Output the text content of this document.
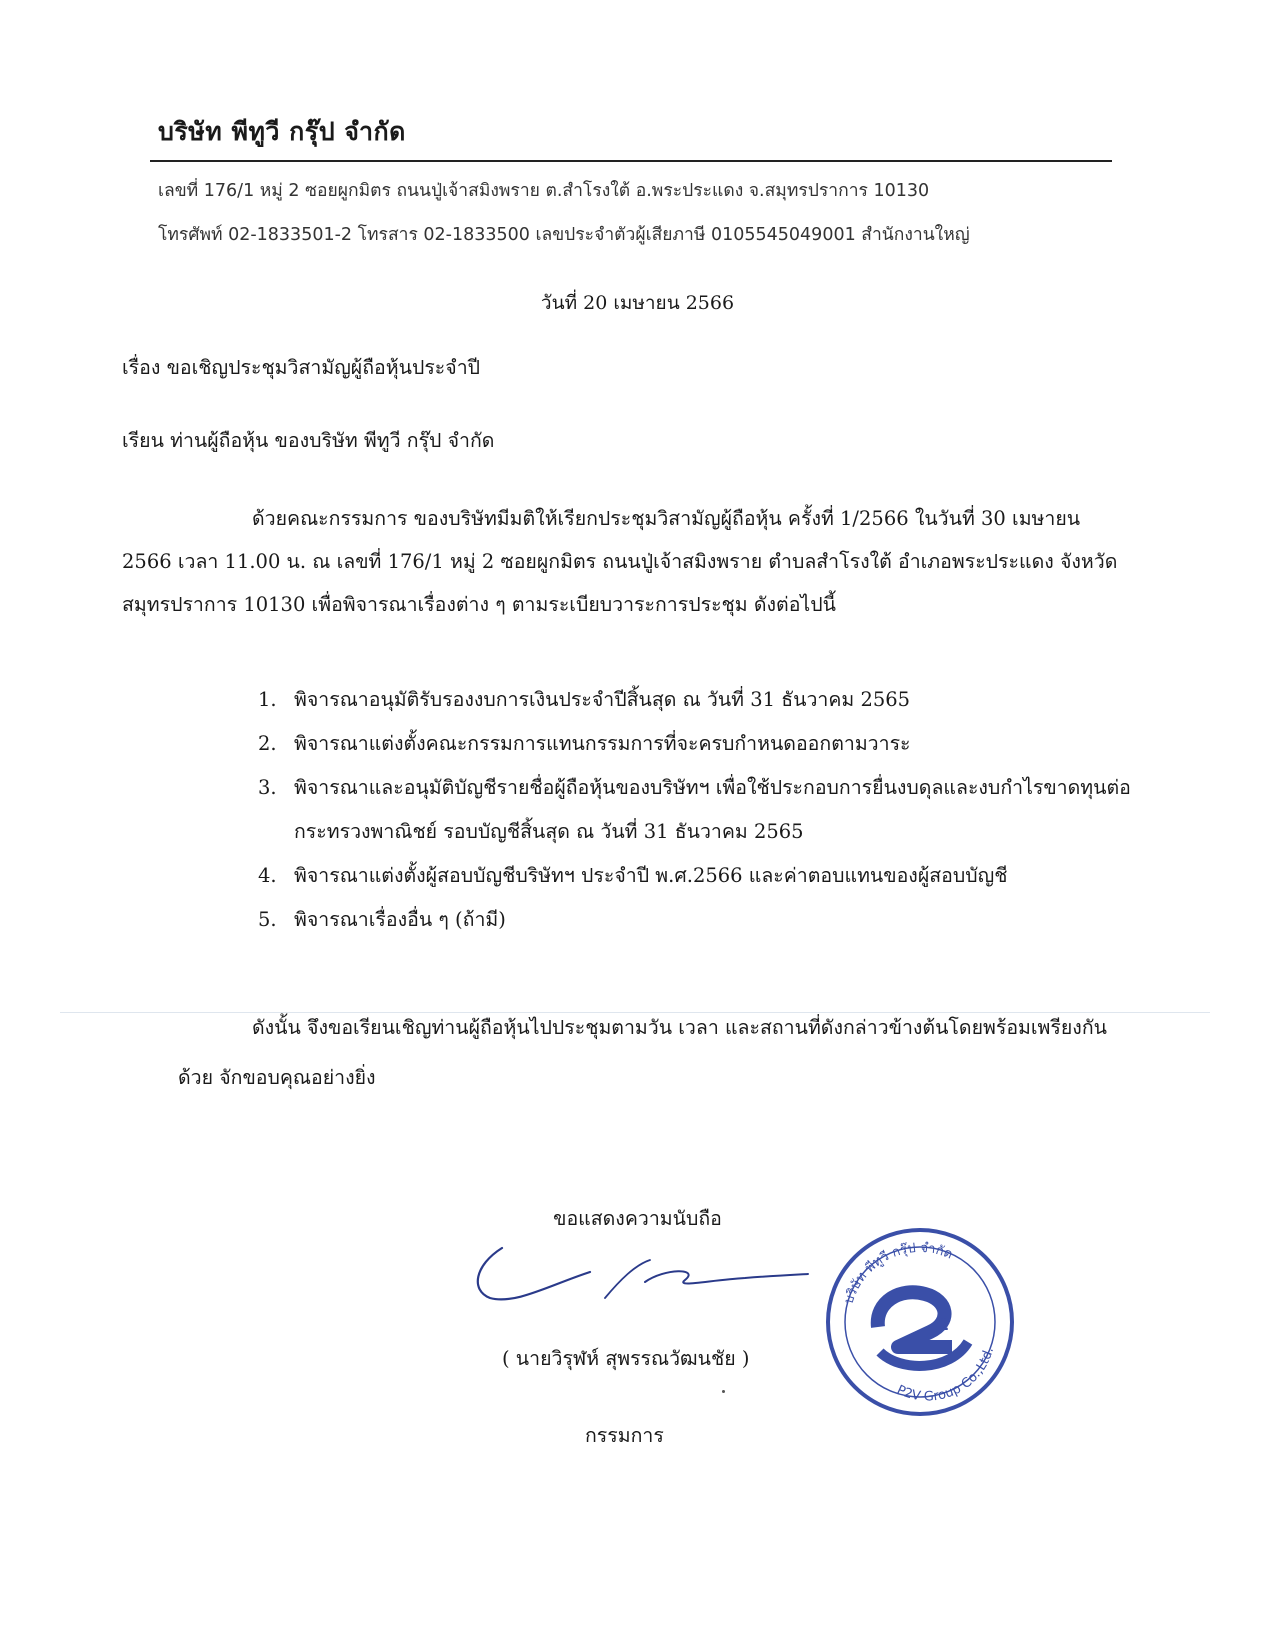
บริษัท พีทูวี กรุ๊ป จำกัด
เลขที่ 176/1 หมู่ 2 ซอยผูกมิตร ถนนปู่เจ้าสมิงพราย ต.สำโรงใต้ อ.พระประแดง จ.สมุทรปราการ 10130
โทรศัพท์ 02-1833501-2 โทรสาร 02-1833500 เลขประจำตัวผู้เสียภาษี 0105545049001 สำนักงานใหญ่
วันที่ 20 เมษายน 2566
เรื่อง ขอเชิญประชุมวิสามัญผู้ถือหุ้นประจำปี
เรียน ท่านผู้ถือหุ้น ของบริษัท พีทูวี กรุ๊ป จำกัด
ด้วยคณะกรรมการ ของบริษัทมีมติให้เรียกประชุมวิสามัญผู้ถือหุ้น ครั้งที่ 1/2566 ในวันที่ 30 เมษายน 2566 เวลา 11.00 น. ณ เลขที่ 176/1 หมู่ 2 ซอยผูกมิตร ถนนปู่เจ้าสมิงพราย ตำบลสำโรงใต้ อำเภอพระประแดง จังหวัดสมุทรปราการ 10130 เพื่อพิจารณาเรื่องต่าง ๆ ตามระเบียบวาระการประชุม ดังต่อไปนี้
1. พิจารณาอนุมัติรับรองงบการเงินประจำปีสิ้นสุด ณ วันที่ 31 ธันวาคม 2565
2. พิจารณาแต่งตั้งคณะกรรมการแทนกรรมการที่จะครบกำหนดออกตามวาระ
3. พิจารณาและอนุมัติบัญชีรายชื่อผู้ถือหุ้นของบริษัทฯ เพื่อใช้ประกอบการยื่นงบดุลและงบกำไรขาดทุนต่อกระทรวงพาณิชย์ รอบบัญชีสิ้นสุด ณ วันที่ 31 ธันวาคม 2565
4. พิจารณาแต่งตั้งผู้สอบบัญชีบริษัทฯ ประจำปี พ.ศ.2566 และค่าตอบแทนของผู้สอบบัญชี
5. พิจารณาเรื่องอื่น ๆ (ถ้ามี)
ดังนั้น จึงขอเรียนเชิญท่านผู้ถือหุ้นไปประชุมตามวัน เวลา และสถานที่ดังกล่าวข้างต้นโดยพร้อมเพรียงกันด้วย จักขอบคุณอย่างยิ่ง
ขอแสดงความนับถือ
( นายวิรุฬห์ สุพรรณวัฒนชัย )
กรรมการ
บริษัท พีทูวี กรุ๊ป จำกัด
2
P2V Group Co.,Ltd.
